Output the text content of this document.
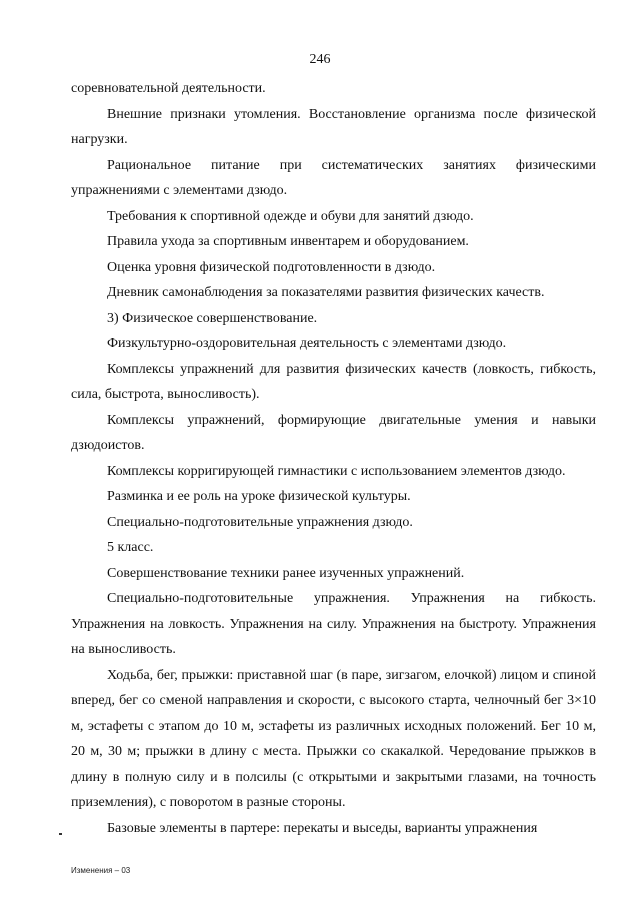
246

соревновательной деятельности.

Внешние признаки утомления. Восстановление организма после физической нагрузки.

Рациональное питание при систематических занятиях физическими упражнениями с элементами дзюдо.

Требования к спортивной одежде и обуви для занятий дзюдо.

Правила ухода за спортивным инвентарем и оборудованием.

Оценка уровня физической подготовленности в дзюдо.

Дневник самонаблюдения за показателями развития физических качеств.

3) Физическое совершенствование.

Физкультурно-оздоровительная деятельность с элементами дзюдо.

Комплексы упражнений для развития физических качеств (ловкость, гибкость, сила, быстрота, выносливость).

Комплексы упражнений, формирующие двигательные умения и навыки дзюдоистов.

Комплексы корригирующей гимнастики с использованием элементов дзюдо.

Разминка и ее роль на уроке физической культуры.

Специально-подготовительные упражнения дзюдо.

5 класс.

Совершенствование техники ранее изученных упражнений.

Специально-подготовительные упражнения. Упражнения на гибкость. Упражнения на ловкость. Упражнения на силу. Упражнения на быстроту. Упражнения на выносливость.

Ходьба, бег, прыжки: приставной шаг (в паре, зигзагом, елочкой) лицом и спиной вперед, бег со сменой направления и скорости, с высокого старта, челночный бег 3×10 м, эстафеты с этапом до 10 м, эстафеты из различных исходных положений. Бег 10 м, 20 м, 30 м; прыжки в длину с места. Прыжки со скакалкой. Чередование прыжков в длину в полную силу и в полсилы (с открытыми и закрытыми глазами, на точность приземления), с поворотом в разные стороны.

Базовые элементы в партере: перекаты и выседы, варианты упражнения

Изменения – 03
